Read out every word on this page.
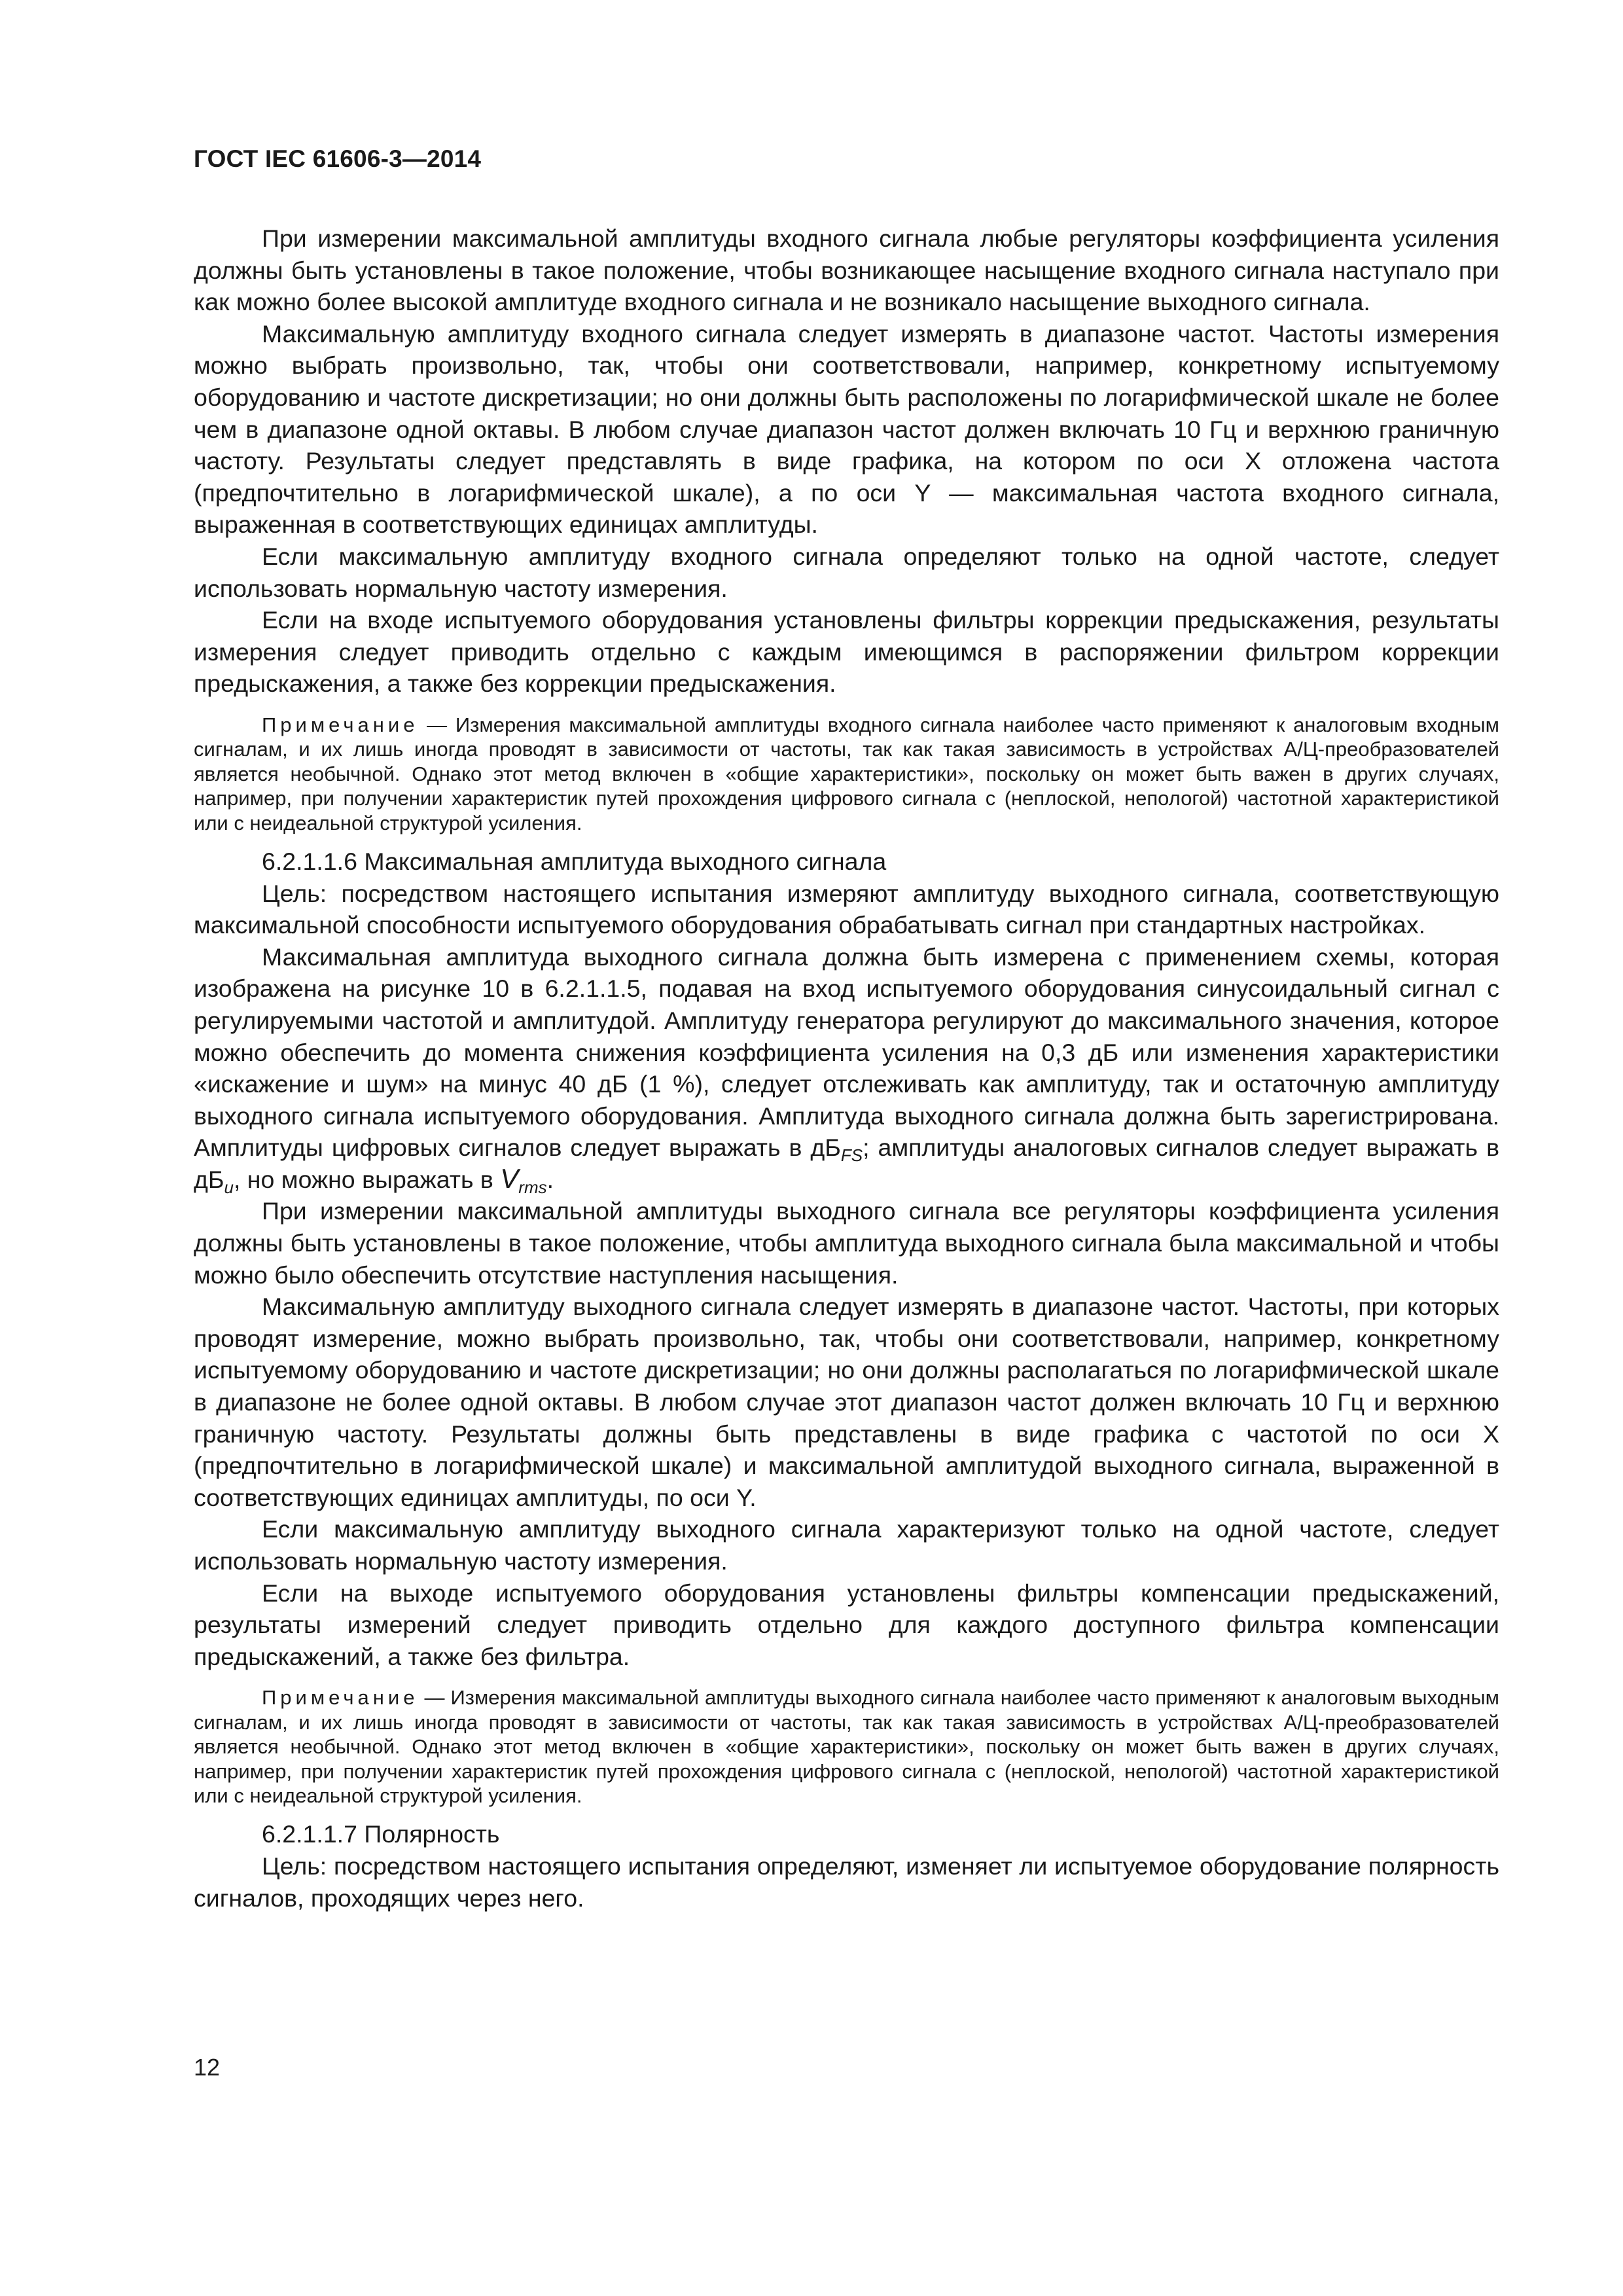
ГОСТ IEC 61606-3—2014

При измерении максимальной амплитуды входного сигнала любые регуляторы коэффициента усиления должны быть установлены в такое положение, чтобы возникающее насыщение входного сигнала наступало при как можно более высокой амплитуде входного сигнала и не возникало насыщение выходного сигнала.

Максимальную амплитуду входного сигнала следует измерять в диапазоне частот. Частоты измерения можно выбрать произвольно, так, чтобы они соответствовали, например, конкретному испытуемому оборудованию и частоте дискретизации; но они должны быть расположены по логарифмической шкале не более чем в диапазоне одной октавы. В любом случае диапазон частот должен включать 10 Гц и верхнюю граничную частоту. Результаты следует представлять в виде графика, на котором по оси X отложена частота (предпочтительно в логарифмической шкале), а по оси Y — максимальная частота входного сигнала, выраженная в соответствующих единицах амплитуды.

Если максимальную амплитуду входного сигнала определяют только на одной частоте, следует использовать нормальную частоту измерения.

Если на входе испытуемого оборудования установлены фильтры коррекции предыскажения, результаты измерения следует приводить отдельно с каждым имеющимся в распоряжении фильтром коррекции предыскажения, а также без коррекции предыскажения.

Примечание — Измерения максимальной амплитуды входного сигнала наиболее часто применяют к аналоговым входным сигналам, и их лишь иногда проводят в зависимости от частоты, так как такая зависимость в устройствах А/Ц-преобразователей является необычной. Однако этот метод включен в «общие характеристики», поскольку он может быть важен в других случаях, например, при получении характеристик путей прохождения цифрового сигнала с (неплоской, непологой) частотной характеристикой или с неидеальной структурой усиления.

6.2.1.1.6 Максимальная амплитуда выходного сигнала

Цель: посредством настоящего испытания измеряют амплитуду выходного сигнала, соответствующую максимальной способности испытуемого оборудования обрабатывать сигнал при стандартных настройках.

Максимальная амплитуда выходного сигнала должна быть измерена с применением схемы, которая изображена на рисунке 10 в 6.2.1.1.5, подавая на вход испытуемого оборудования синусоидальный сигнал с регулируемыми частотой и амплитудой. Амплитуду генератора регулируют до максимального значения, которое можно обеспечить до момента снижения коэффициента усиления на 0,3 дБ или изменения характеристики «искажение и шум» на минус 40 дБ (1 %), следует отслеживать как амплитуду, так и остаточную амплитуду выходного сигнала испытуемого оборудования. Амплитуда выходного сигнала должна быть зарегистрирована. Амплитуды цифровых сигналов следует выражать в $дБ_{FS}$; амплитуды аналоговых сигналов следует выражать в $дБ_u$, но можно выражать в $V_{rms}$.

При измерении максимальной амплитуды выходного сигнала все регуляторы коэффициента усиления должны быть установлены в такое положение, чтобы амплитуда выходного сигнала была максимальной и чтобы можно было обеспечить отсутствие наступления насыщения.

Максимальную амплитуду выходного сигнала следует измерять в диапазоне частот. Частоты, при которых проводят измерение, можно выбрать произвольно, так, чтобы они соответствовали, например, конкретному испытуемому оборудованию и частоте дискретизации; но они должны располагаться по логарифмической шкале в диапазоне не более одной октавы. В любом случае этот диапазон частот должен включать 10 Гц и верхнюю граничную частоту. Результаты должны быть представлены в виде графика с частотой по оси X (предпочтительно в логарифмической шкале) и максимальной амплитудой выходного сигнала, выраженной в соответствующих единицах амплитуды, по оси Y.

Если максимальную амплитуду выходного сигнала характеризуют только на одной частоте, следует использовать нормальную частоту измерения.

Если на выходе испытуемого оборудования установлены фильтры компенсации предыскажений, результаты измерений следует приводить отдельно для каждого доступного фильтра компенсации предыскажений, а также без фильтра.

Примечание — Измерения максимальной амплитуды выходного сигнала наиболее часто применяют к аналоговым выходным сигналам, и их лишь иногда проводят в зависимости от частоты, так как такая зависимость в устройствах А/Ц-преобразователей является необычной. Однако этот метод включен в «общие характеристики», поскольку он может быть важен в других случаях, например, при получении характеристик путей прохождения цифрового сигнала с (неплоской, непологой) частотной характеристикой или с неидеальной структурой усиления.

6.2.1.1.7 Полярность

Цель: посредством настоящего испытания определяют, изменяет ли испытуемое оборудование полярность сигналов, проходящих через него.

12
